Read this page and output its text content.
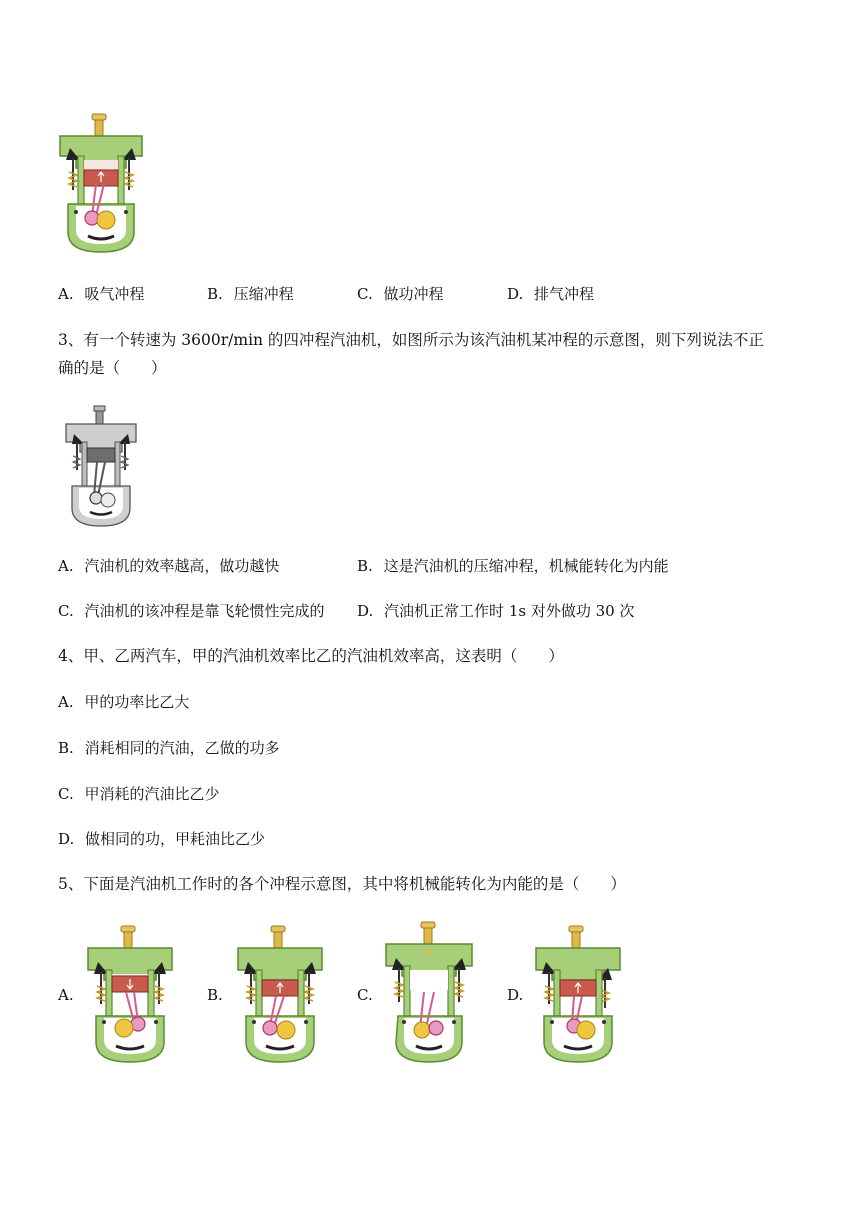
A. 吸气冲程	B. 压缩冲程	C. 做功冲程	D. 排气冲程
3、有一个转速为 3600r/min 的四冲程汽油机，如图所示为该汽油机某冲程的示意图，则下列说法不正
确的是（　　）
A. 汽油机的效率越高，做功越快	B. 这是汽油机的压缩冲程，机械能转化为内能
C. 汽油机的该冲程是靠飞轮惯性完成的 D. 汽油机正常工作时 1s 对外做功 30 次
4、甲、乙两汽车，甲的汽油机效率比乙的汽油机效率高，这表明（　　）
A. 甲的功率比乙大
B. 消耗相同的汽油，乙做的功多
C. 甲消耗的汽油比乙少
D. 做相同的功，甲耗油比乙少
5、下面是汽油机工作时的各个冲程示意图，其中将机械能转化为内能的是（　　）
A.	B.	C.	D.
